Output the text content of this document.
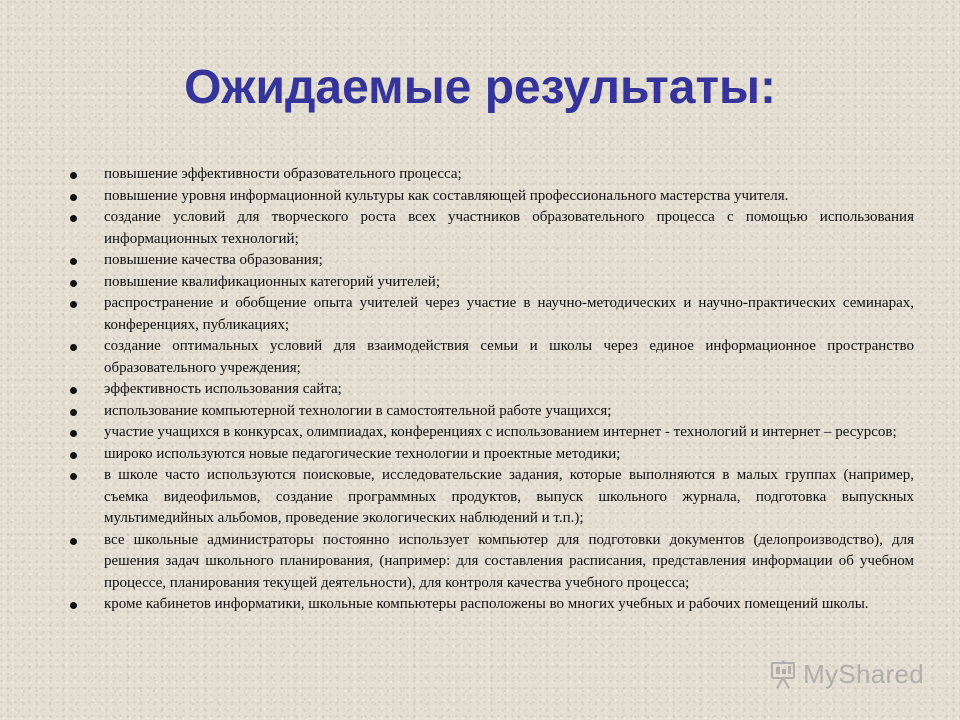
Ожидаемые результаты:
повышение эффективности образовательного процесса;
повышение уровня информационной культуры как составляющей профессионального мастерства учителя.
создание условий для творческого роста всех участников образовательного процесса с помощью использования информационных технологий;
повышение качества образования;
повышение квалификационных категорий учителей;
распространение и обобщение опыта учителей через участие в научно-методических и научно-практических семинарах, конференциях, публикациях;
создание оптимальных условий для взаимодействия семьи и школы через единое информационное пространство образовательного учреждения;
эффективность использования сайта;
использование компьютерной технологии в самостоятельной работе учащихся;
участие учащихся в конкурсах, олимпиадах, конференциях с использованием интернет - технологий и интернет – ресурсов;
широко используются новые педагогические технологии и проектные методики;
в школе часто используются поисковые, исследовательские задания, которые выполняются в малых группах (например, съемка видеофильмов, создание программных продуктов, выпуск школьного журнала, подготовка выпускных мультимедийных альбомов, проведение экологических наблюдений и т.п.);
все школьные администраторы постоянно использует компьютер для подготовки документов (делопроизводство), для решения задач школьного планирования, (например: для составления расписания, представления информации об учебном процессе, планирования текущей деятельности), для контроля качества учебного процесса;
кроме кабинетов информатики, школьные компьютеры расположены во многих учебных и рабочих помещений школы.
MyShared
